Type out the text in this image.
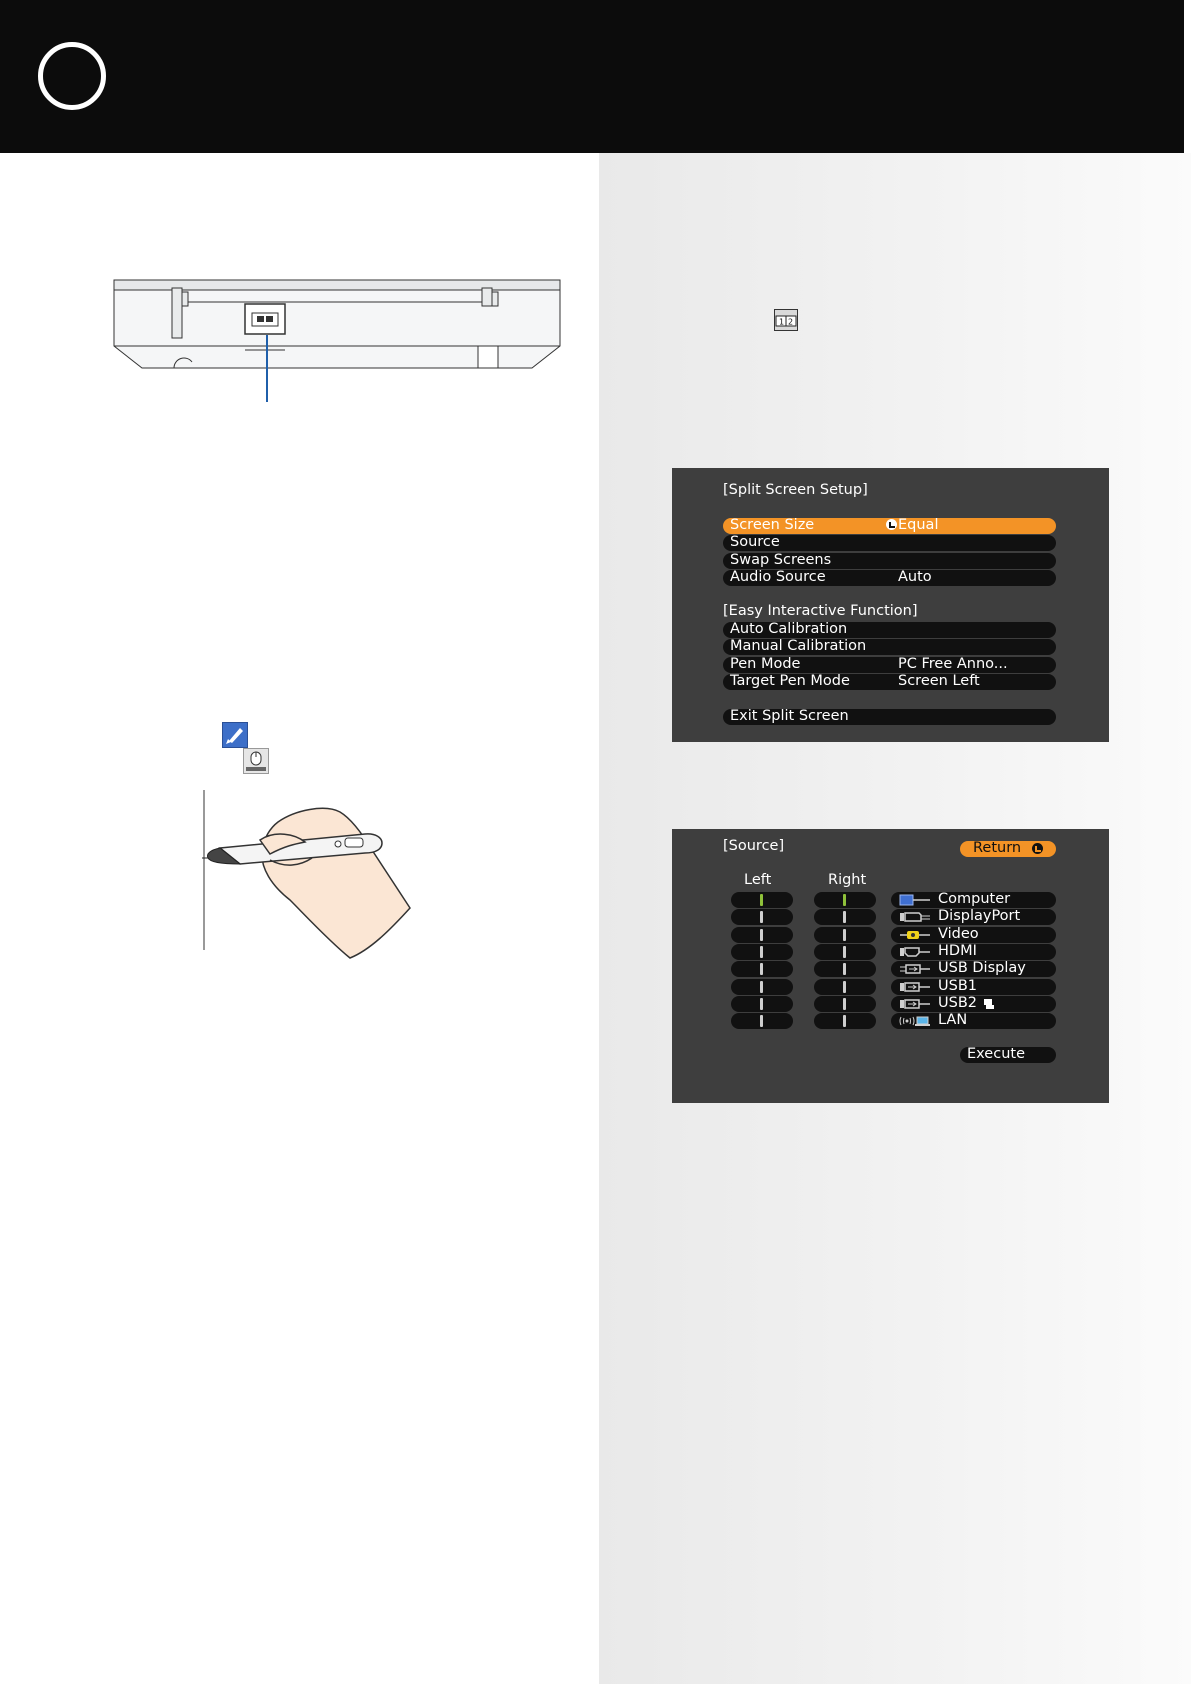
1 2
[Split Screen Setup]
Screen Size	Equal
Source
Swap Screens
Audio Source	Auto
[Easy Interactive Function]
Auto Calibration
Manual Calibration
Pen Mode	PC Free Anno...
Target Pen Mode	Screen Left
Exit Split Screen
[Source]	Return
Left	Right
Computer
DisplayPort
Video
HDMI
USB Display
USB1
USB2
LAN
Execute
